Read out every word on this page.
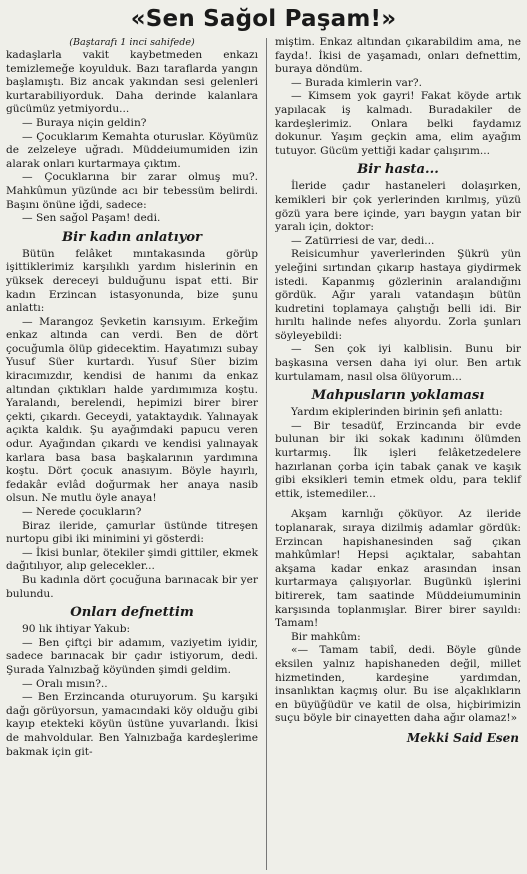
«Sen Sağol Paşam!»
(Baştarafı 1 inci sahifede)

kadaşlarla vakit kaybetmeden enkazı temizlemeğe koyulduk. Bazı taraflarda yangın başlamıştı. Biz ancak yakından sesi gelenleri kurtarabiliyorduk. Daha derinde kalanlara gücümüz yetmiyordu...

— Buraya niçin geldin?

— Çocuklarım Kemahta oturuslar. Köyümüz de zelzeleye uğradı. Müddeiumumiden izin alarak onları kurtarmaya çıktım.

— Çocuklarına bir zarar olmuş mu?. Mahkûmun yüzünde acı bir tebessüm belirdi. Başını önüne iğdi, sadece:

— Sen sağol Paşam! dedi.

Bir kadın anlatıyor

Bütün felâket mıntakasında görüp işittiklerimiz karşılıklı yardım hislerinin en yüksek dereceyi bulduğunu ispat etti. Bir kadın Erzincan istasyonunda, bize şunu anlattı:

— Marangoz Şevketin karısıyım. Erkeğim enkaz altında can verdi. Ben de dört çocuğumla ölüp gidecektim. Hayatımızı subay Yusuf Süer kurtardı. Yusuf Süer bizim kiracımızdır, kendisi de hanımı da enkaz altından çıktıkları halde yardımımıza koştu. Yaralandı, berelendi, hepimizi birer birer çekti, çıkardı. Geceydi, yataktaydık. Yalınayak açıkta kaldık. Şu ayağımdaki papucu veren odur. Ayağından çıkardı ve kendisi yalınayak karlara basa basa başkalarının yardımına koştu. Dört çocuk anasıyım. Böyle hayırlı, fedakâr evlâd doğurmak her anaya nasib olsun. Ne mutlu öyle anaya!

— Nerede çocukların?

Biraz ileride, çamurlar üstünde titreşen nurtopu gibi iki minimini yi gösterdi:

— İkisi bunlar, ötekiler şimdi gittiler, ekmek dağıtılıyor, alıp gelecekler...

Bu kadınla dört çocuğuna barınacak bir yer bulundu.

Onları defnettim

90 lık ihtiyar Yakub:

— Ben çiftçi bir adamım, vaziyetim iyidir, sadece barınacak bir çadır istiyorum, dedi. Şurada Yalnızbağ köyünden şimdi geldim.

— Oralı mısın?..

— Ben Erzincanda oturuyorum. Şu karşıki dağı görüyorsun, yamacındaki köy olduğu gibi kayıp etekteki köyün üstüne yuvarlandı. İkisi de mahvoldular. Ben Yalnızbağa kardeşlerime bakmak için git-

miştim. Enkaz altından çıkarabildim ama, ne fayda!. İkisi de yaşamadı, onları defnettim, buraya döndüm.

— Burada kimlerin var?.

— Kimsem yok gayri! Fakat köyde artık yapılacak iş kalmadı. Buradakiler de kardeşlerimiz. Onlara belki faydamız dokunur. Yaşım geçkin ama, elim ayağım tutuyor. Gücüm yettiği kadar çalışırım...

Bir hasta...

İleride çadır hastaneleri dolaşırken, kemikleri bir çok yerlerinden kırılmış, yüzü gözü yara bere içinde, yarı baygın yatan bir yaralı için, doktor:

— Zatürriesi de var, dedi...

Reisicumhur yaverlerinden Şükrü yün yeleğini sırtından çıkarıp hastaya giydirmek istedi. Kapanmış gözlerinin aralandığını gördük. Ağır yaralı vatandaşın bütün kudretini toplamaya çalıştığı belli idi. Bir hırıltı halinde nefes alıyordu. Zorla şunları söyleyebildi:

— Sen çok iyi kalblisin. Bunu bir başkasına versen daha iyi olur. Ben artık kurtulamam, nasıl olsa ölüyorum...

Mahpusların yoklaması

Yardım ekiplerinden birinin şefi anlattı:

— Bir tesadüf, Erzincanda bir evde bulunan bir iki sokak kadınını ölümden kurtarmış. İlk işleri felâketzedelere hazırlanan çorba için tabak çanak ve kaşık gibi eksikleri temin etmek oldu, para teklif ettik, istemediler...

Akşam karnlığı çöküyor. Az ileride toplanarak, sıraya dizilmiş adamlar gördük: Erzincan hapishanesinden sağ çıkan mahkûmlar! Hepsi açıktalar, sabahtan akşama kadar enkaz arasından insan kurtarmaya çalışıyorlar. Bugünkü işlerini bitirerek, tam saatinde Müddeiumuminin karşısında toplanmışlar. Birer birer sayıldı: Tamam!

Bir mahkûm:

«— Tamam tabiî, dedi. Böyle günde eksilen yalnız hapishaneden değil, millet hizmetinden, kardeşine yardımdan, insanlıktan kaçmış olur. Bu ise alçaklıkların en büyüğüdür ve katil de olsa, hiçbirimizin suçu böyle bir cinayetten daha ağır olamaz!»

Mekki Said Esen
